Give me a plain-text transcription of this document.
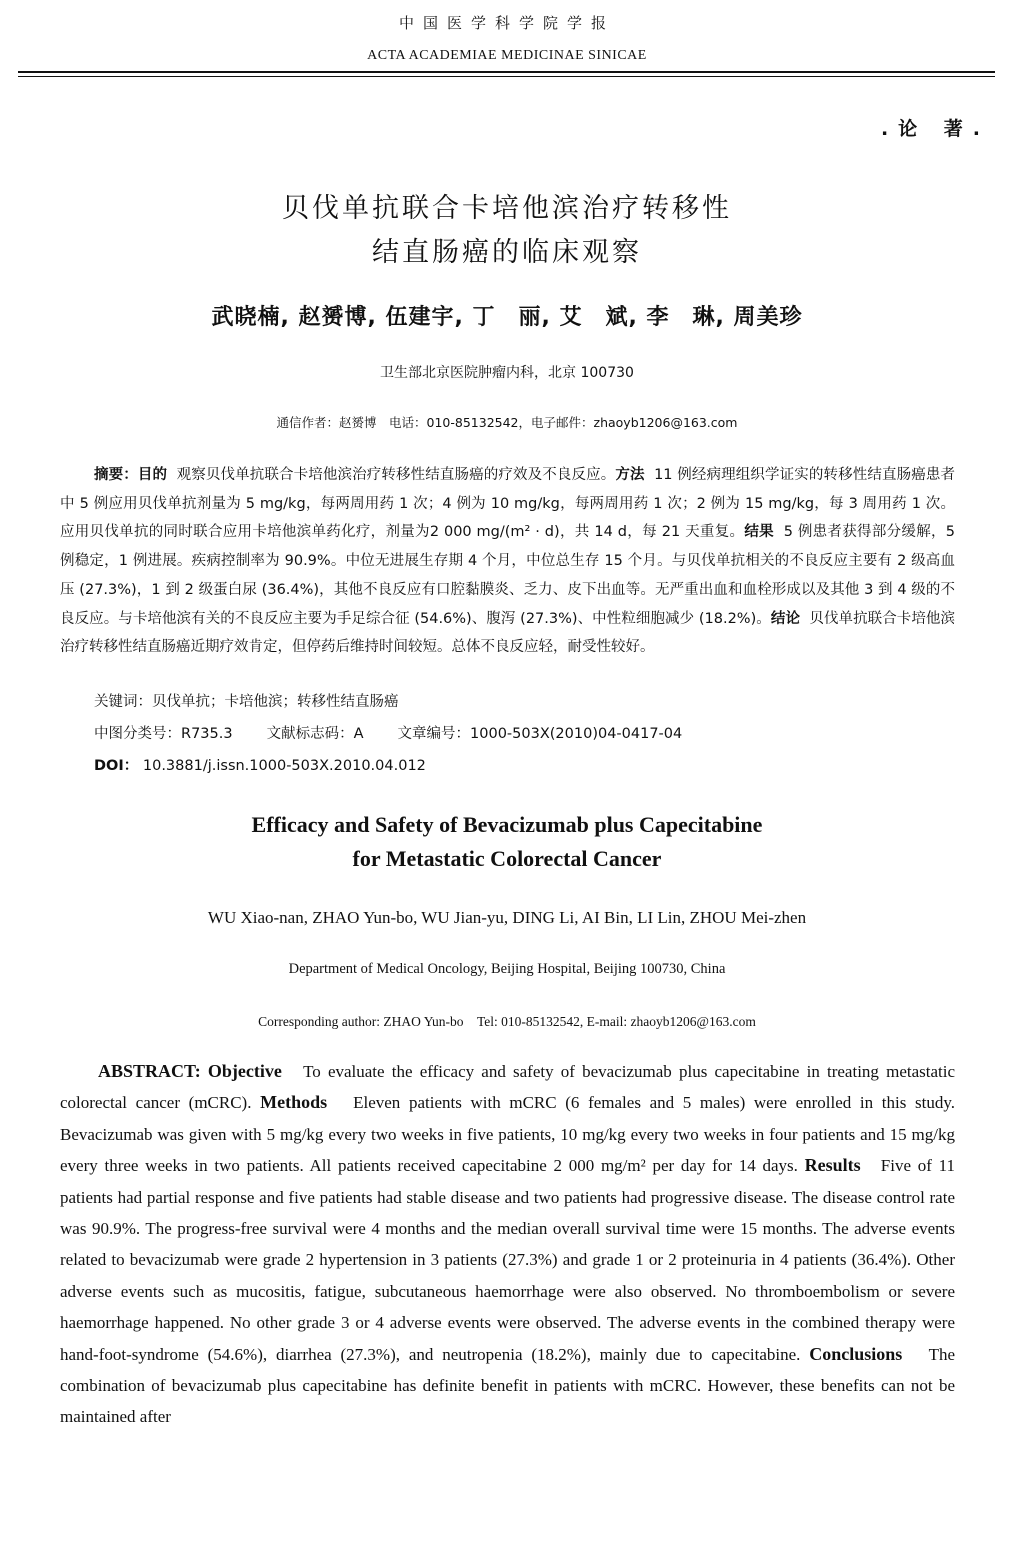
中国医学科学院学报
ACTA ACADEMIAE MEDICINAE SINICAE
.论 著.
贝伐单抗联合卡培他滨治疗转移性
结直肠癌的临床观察
武晓楠, 赵赟博, 伍建宇, 丁　丽, 艾　斌, 李　琳, 周美珍
卫生部北京医院肿瘤内科，北京 100730
通信作者：赵赟博　电话：010-85132542，电子邮件：zhaoyb1206@163.com

摘要：目的 观察贝伐单抗联合卡培他滨治疗转移性结直肠癌的疗效及不良反应。方法 11 例经病理组织学证实的转移性结直肠癌患者中 5 例应用贝伐单抗剂量为 5 mg/kg，每两周用药 1 次；4 例为 10 mg/kg，每两周用药 1 次；2 例为 15 mg/kg，每 3 周用药 1 次。应用贝伐单抗的同时联合应用卡培他滨单药化疗，剂量为2 000 mg/(m² · d)，共 14 d，每 21 天重复。结果 5 例患者获得部分缓解，5 例稳定，1 例进展。疾病控制率为 90.9%。中位无进展生存期 4 个月，中位总生存 15 个月。与贝伐单抗相关的不良反应主要有 2 级高血压 (27.3%)，1 到 2 级蛋白尿 (36.4%)，其他不良反应有口腔黏膜炎、乏力、皮下出血等。无严重出血和血栓形成以及其他 3 到 4 级的不良反应。与卡培他滨有关的不良反应主要为手足综合征 (54.6%)、腹泻 (27.3%)、中性粒细胞减少 (18.2%)。结论 贝伐单抗联合卡培他滨治疗转移性结直肠癌近期疗效肯定，但停药后维持时间较短。总体不良反应轻，耐受性较好。

关键词：贝伐单抗；卡培他滨；转移性结直肠癌
中图分类号：R735.3 文献标志码：A 文章编号：1000-503X(2010)04-0417-04
DOI： 10.3881/j.issn.1000-503X.2010.04.012
Efficacy and Safety of Bevacizumab plus Capecitabine
for Metastatic Colorectal Cancer
WU Xiao-nan, ZHAO Yun-bo, WU Jian-yu, DING Li, AI Bin, LI Lin, ZHOU Mei-zhen
Department of Medical Oncology, Beijing Hospital, Beijing 100730, China
Corresponding author: ZHAO Yun-bo　Tel: 010-85132542, E-mail: zhaoyb1206@163.com

ABSTRACT: Objective To evaluate the efficacy and safety of bevacizumab plus capecitabine in treating metastatic colorectal cancer (mCRC). Methods Eleven patients with mCRC (6 females and 5 males) were enrolled in this study. Bevacizumab was given with 5 mg/kg every two weeks in five patients, 10 mg/kg every two weeks in four patients and 15 mg/kg every three weeks in two patients. All patients received capecitabine 2 000 mg/m² per day for 14 days. Results Five of 11 patients had partial response and five patients had stable disease and two patients had progressive disease. The disease control rate was 90.9%. The progress-free survival were 4 months and the median overall survival time were 15 months. The adverse events related to bevacizumab were grade 2 hypertension in 3 patients (27.3%) and grade 1 or 2 proteinuria in 4 patients (36.4%). Other adverse events such as mucositis, fatigue, subcutaneous haemorrhage were also observed. No thromboembolism or severe haemorrhage happened. No other grade 3 or 4 adverse events were observed. The adverse events in the combined therapy were hand-foot-syndrome (54.6%), diarrhea (27.3%), and neutropenia (18.2%), mainly due to capecitabine. Conclusions The combination of bevacizumab plus capecitabine has definite benefit in patients with mCRC. However, these benefits can not be maintained after
